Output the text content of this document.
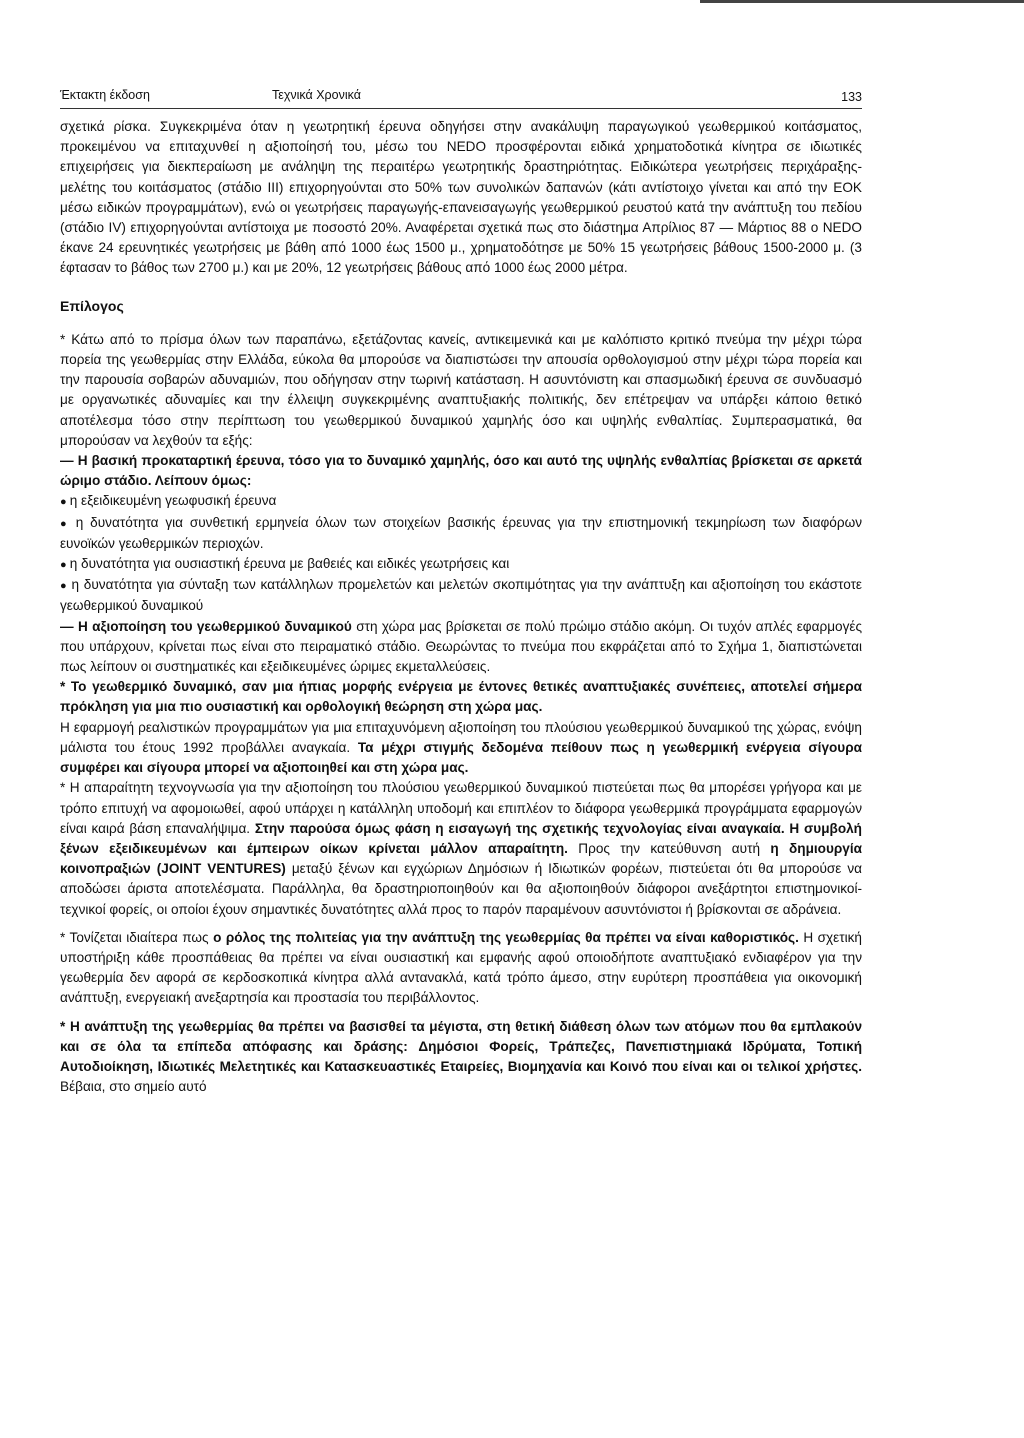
Έκτακτη έκδοση	Τεχνικά Χρονικά	133

σχετικά ρίσκα. Συγκεκριμένα όταν η γεωτρητική έρευνα οδηγήσει στην ανακάλυψη παραγωγικού γεωθερμικού κοιτάσματος, προκειμένου να επιταχυνθεί η αξιοποίησή του, μέσω του NEDO προσφέρονται ειδικά χρηματοδοτικά κίνητρα σε ιδιωτικές επιχειρήσεις για διεκπεραίωση με ανάληψη της περαιτέρω γεωτρητικής δραστηριότητας. Ειδικώτερα γεωτρήσεις περιχάραξης-μελέτης του κοιτάσματος (στάδιο III) επιχορηγούνται στο 50% των συνολικών δαπανών (κάτι αντίστοιχο γίνεται και από την ΕΟΚ μέσω ειδικών προγραμμάτων), ενώ οι γεωτρήσεις παραγωγής-επανεισαγωγής γεωθερμικού ρευστού κατά την ανάπτυξη του πεδίου (στάδιο IV) επιχορηγούνται αντίστοιχα με ποσοστό 20%. Αναφέρεται σχετικά πως στο διάστημα Απρίλιος 87 — Μάρτιος 88 ο NEDO έκανε 24 ερευνητικές γεωτρήσεις με βάθη από 1000 έως 1500 μ., χρηματοδότησε με 50% 15 γεωτρήσεις βάθους 1500-2000 μ. (3 έφτασαν το βάθος των 2700 μ.) και με 20%, 12 γεωτρήσεις βάθους από 1000 έως 2000 μέτρα.

Επίλογος

* Κάτω από το πρίσμα όλων των παραπάνω, εξετάζοντας κανείς, αντικειμενικά και με καλόπιστο κριτικό πνεύμα την μέχρι τώρα πορεία της γεωθερμίας στην Ελλάδα, εύκολα θα μπορούσε να διαπιστώσει την απουσία ορθολογισμού στην μέχρι τώρα πορεία και την παρουσία σοβαρών αδυναμιών, που οδήγησαν στην τωρινή κατάσταση. Η ασυντόνιστη και σπασμωδική έρευνα σε συνδυασμό με οργανωτικές αδυναμίες και την έλλειψη συγκεκριμένης αναπτυξιακής πολιτικής, δεν επέτρεψαν να υπάρξει κάποιο θετικό αποτέλεσμα τόσο στην περίπτωση του γεωθερμικού δυναμικού χαμηλής όσο και υψηλής ενθαλπίας. Συμπερασματικά, θα μπορούσαν να λεχθούν τα εξής:

— Η βασική προκαταρτική έρευνα, τόσο για το δυναμικό χαμηλής, όσο και αυτό της υψηλής ενθαλπίας βρίσκεται σε αρκετά ώριμο στάδιο. Λείπουν όμως:

● η εξειδικευμένη γεωφυσική έρευνα

● η δυνατότητα για συνθετική ερμηνεία όλων των στοιχείων βασικής έρευνας για την επιστημονική τεκμηρίωση των διαφόρων ευνοϊκών γεωθερμικών περιοχών.

● η δυνατότητα για ουσιαστική έρευνα με βαθειές και ειδικές γεωτρήσεις και

● η δυνατότητα για σύνταξη των κατάλληλων προμελετών και μελετών σκοπιμότητας για την ανάπτυξη και αξιοποίηση του εκάστοτε γεωθερμικού δυναμικού

— Η αξιοποίηση του γεωθερμικού δυναμικού στη χώρα μας βρίσκεται σε πολύ πρώιμο στάδιο ακόμη. Οι τυχόν απλές εφαρμογές που υπάρχουν, κρίνεται πως είναι στο πειραματικό στάδιο. Θεωρώντας το πνεύμα που εκφράζεται από το Σχήμα 1, διαπιστώνεται πως λείπουν οι συστηματικές και εξειδικευμένες ώριμες εκμεταλλεύσεις.

* Το γεωθερμικό δυναμικό, σαν μια ήπιας μορφής ενέργεια με έντονες θετικές αναπτυξιακές συνέπειες, αποτελεί σήμερα πρόκληση για μια πιο ουσιαστική και ορθολογική θεώρηση στη χώρα μας.

Η εφαρμογή ρεαλιστικών προγραμμάτων για μια επιταχυνόμενη αξιοποίηση του πλούσιου γεωθερμικού δυναμικού της χώρας, ενόψη μάλιστα του έτους 1992 προβάλλει αναγκαία. Τα μέχρι στιγμής δεδομένα πείθουν πως η γεωθερμική ενέργεια σίγουρα συμφέρει και σίγουρα μπορεί να αξιοποιηθεί και στη χώρα μας.

* Η απαραίτητη τεχνογνωσία για την αξιοποίηση του πλούσιου γεωθερμικού δυναμικού πιστεύεται πως θα μπορέσει γρήγορα και με τρόπο επιτυχή να αφομοιωθεί, αφού υπάρχει η κατάλληλη υποδομή και επιπλέον το διάφορα γεωθερμικά προγράμματα εφαρμογών είναι καιρά βάση επαναλήψιμα. Στην παρούσα όμως φάση η εισαγωγή της σχετικής τεχνολογίας είναι αναγκαία. Η συμβολή ξένων εξειδικευμένων και έμπειρων οίκων κρίνεται μάλλον απαραίτητη. Προς την κατεύθυνση αυτή η δημιουργία κοινοπραξιών (JOINT VENTURES) μεταξύ ξένων και εγχώριων Δημόσιων ή Ιδιωτικών φορέων, πιστεύεται ότι θα μπορούσε να αποδώσει άριστα αποτελέσματα. Παράλληλα, θα δραστηριοποιηθούν και θα αξιοποιηθούν διάφοροι ανεξάρτητοι επιστημονικοί-τεχνικοί φορείς, οι οποίοι έχουν σημαντικές δυνατότητες αλλά προς το παρόν παραμένουν ασυντόνιστοι ή βρίσκονται σε αδράνεια.

* Τονίζεται ιδιαίτερα πως ο ρόλος της πολιτείας για την ανάπτυξη της γεωθερμίας θα πρέπει να είναι καθοριστικός. Η σχετική υποστήριξη κάθε προσπάθειας θα πρέπει να είναι ουσιαστική και εμφανής αφού οποιοδήποτε αναπτυξιακό ενδιαφέρον για την γεωθερμία δεν αφορά σε κερδοσκοπικά κίνητρα αλλά αντανακλά, κατά τρόπο άμεσο, στην ευρύτερη προσπάθεια για οικονομική ανάπτυξη, ενεργειακή ανεξαρτησία και προστασία του περιβάλλοντος.

* Η ανάπτυξη της γεωθερμίας θα πρέπει να βασισθεί τα μέγιστα, στη θετική διάθεση όλων των ατόμων που θα εμπλακούν και σε όλα τα επίπεδα απόφασης και δράσης: Δημόσιοι Φορείς, Τράπεζες, Πανεπιστημιακά Ιδρύματα, Τοπική Αυτοδιοίκηση, Ιδιωτικές Μελετητικές και Κατασκευαστικές Εταιρείες, Βιομηχανία και Κοινό που είναι και οι τελικοί χρήστες. Βέβαια, στο σημείο αυτό
